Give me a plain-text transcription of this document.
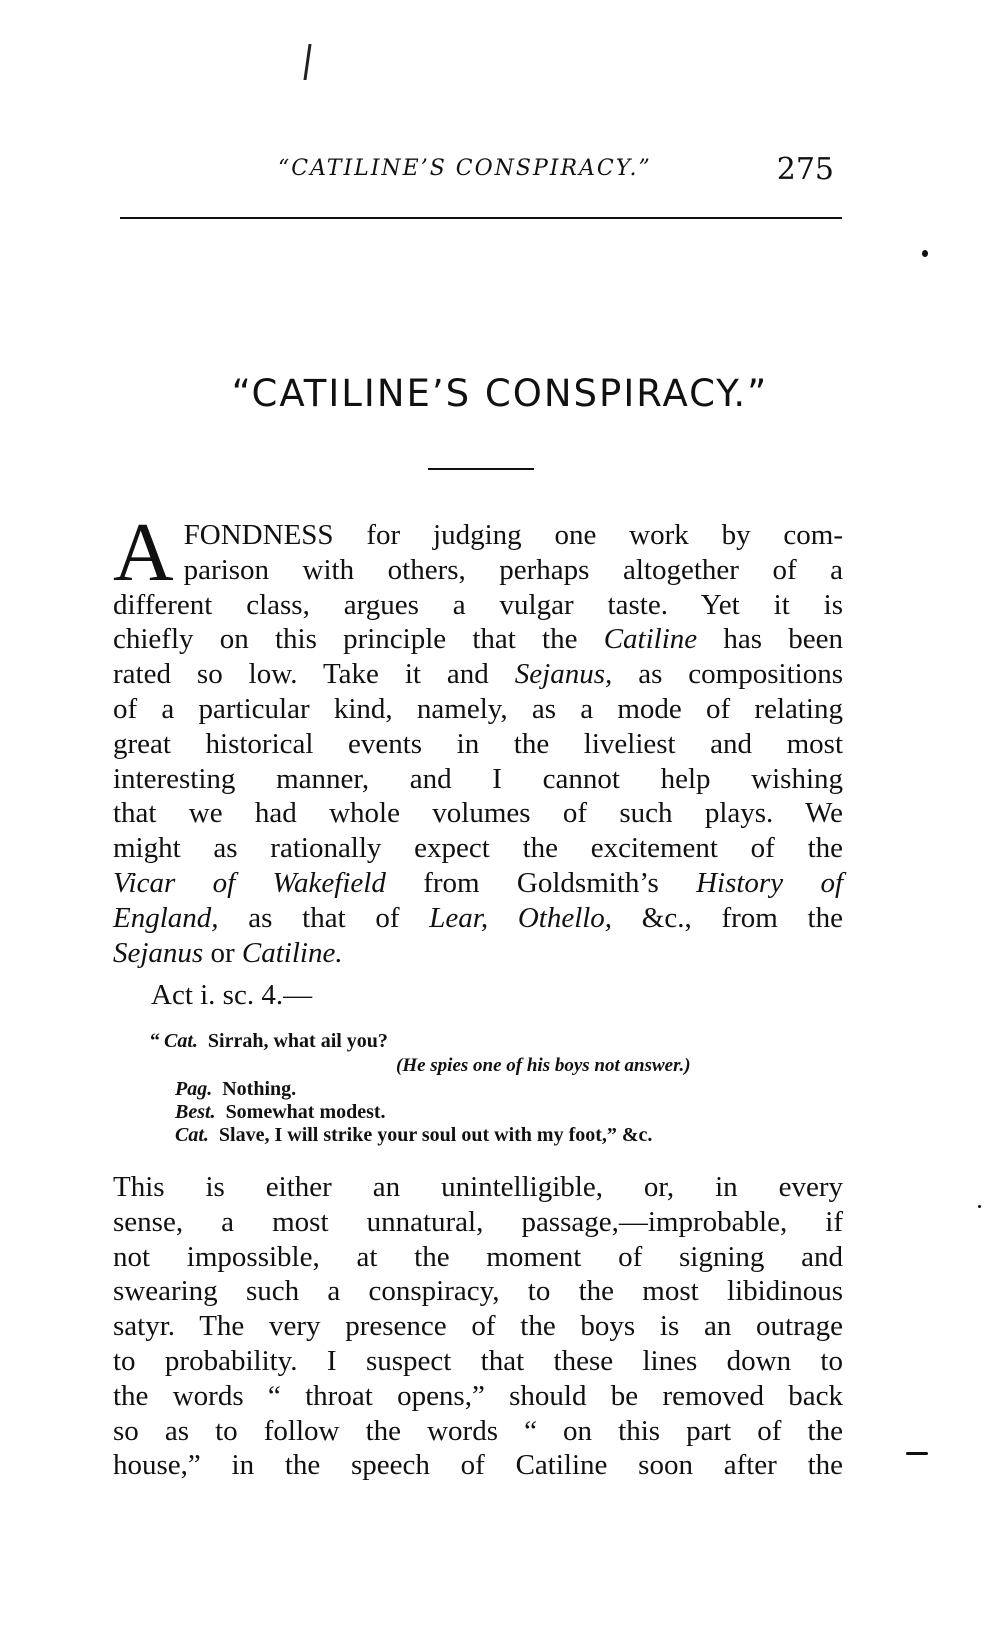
“CATILINE’S CONSPIRACY.”	275
“CATILINE’S CONSPIRACY.”
A FONDNESS for judging one work by com-
parison with others, perhaps altogether of a
different class, argues a vulgar taste. Yet it is
chiefly on this principle that the Catiline has been
rated so low. Take it and Sejanus, as compositions
of a particular kind, namely, as a mode of relating
great historical events in the liveliest and most
interesting manner, and I cannot help wishing
that we had whole volumes of such plays. We
might as rationally expect the excitement of the
Vicar of Wakefield from Goldsmith’s History of
England, as that of Lear, Othello, &c., from the
Sejanus or Catiline.
Act i. sc. 4.—
“ Cat. Sirrah, what ail you?
(He spies one of his boys not answer.)
Pag. Nothing.
Best. Somewhat modest.
Cat. Slave, I will strike your soul out with my foot,” &c.
This is either an unintelligible, or, in every
sense, a most unnatural, passage,—improbable, if
not impossible, at the moment of signing and
swearing such a conspiracy, to the most libidinous
satyr. The very presence of the boys is an outrage
to probability. I suspect that these lines down to
the words “ throat opens,” should be removed back
so as to follow the words “ on this part of the
house,” in the speech of Catiline soon after the
